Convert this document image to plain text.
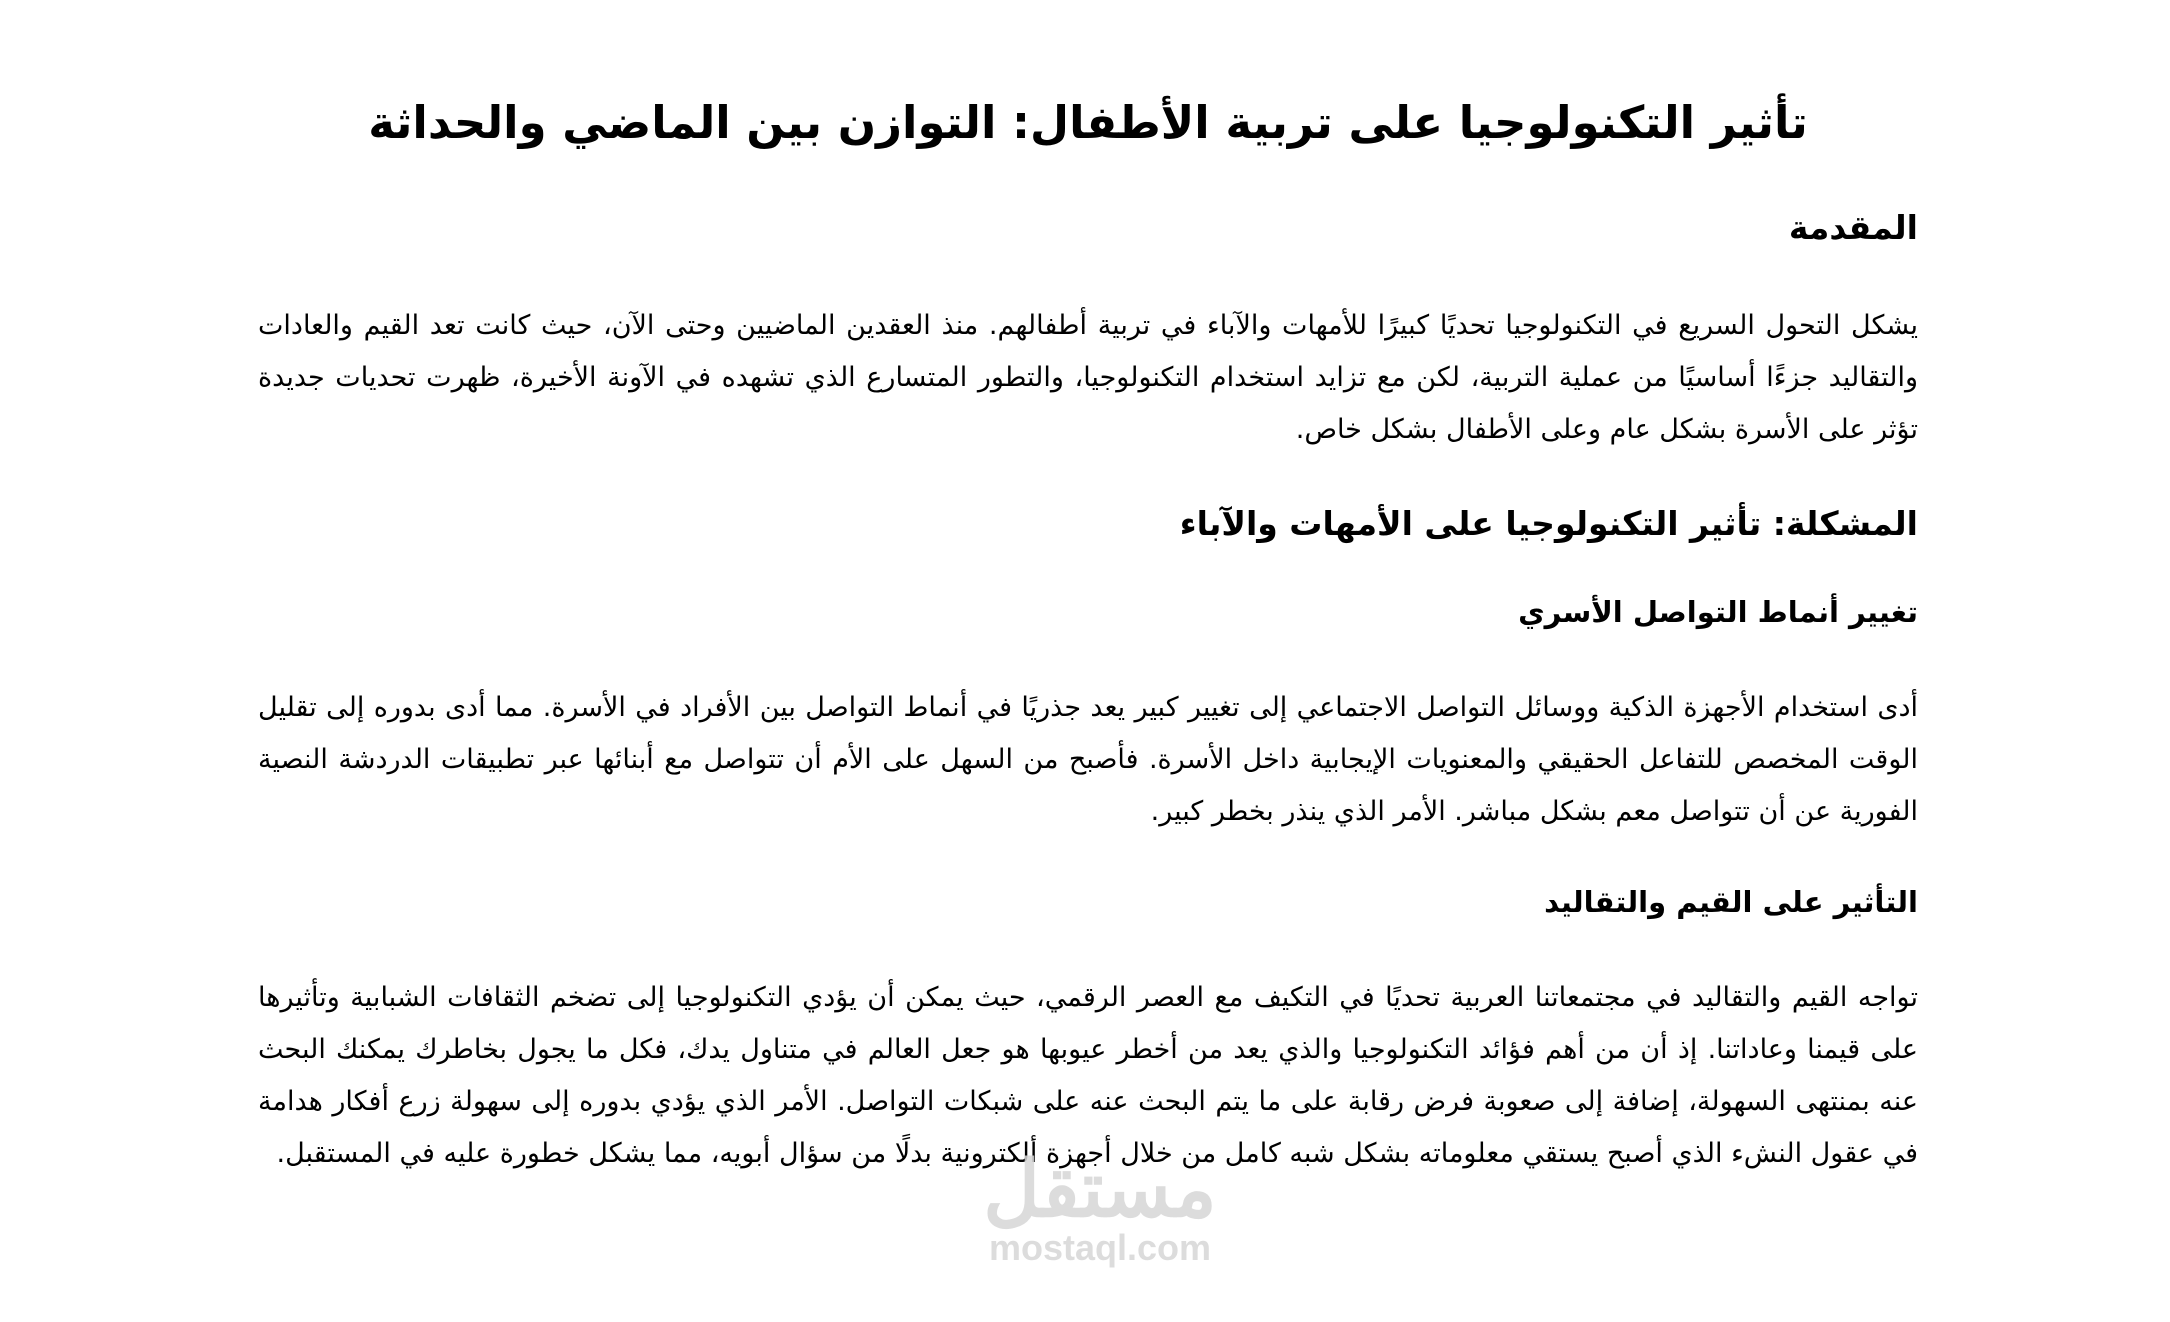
تأثير التكنولوجيا على تربية الأطفال: التوازن بين الماضي والحداثة
المقدمة

يشكل التحول السريع في التكنولوجيا تحديًا كبيرًا للأمهات والآباء في تربية أطفالهم. منذ العقدين الماضيين وحتى الآن، حيث كانت تعد القيم والعادات والتقاليد جزءًا أساسيًا من عملية التربية، لكن مع تزايد استخدام التكنولوجيا، والتطور المتسارع الذي تشهده في الآونة الأخيرة، ظهرت تحديات جديدة تؤثر على الأسرة بشكل عام وعلى الأطفال بشكل خاص.

المشكلة: تأثير التكنولوجيا على الأمهات والآباء
تغيير أنماط التواصل الأسري

أدى استخدام الأجهزة الذكية ووسائل التواصل الاجتماعي إلى تغيير كبير يعد جذريًا في أنماط التواصل بين الأفراد في الأسرة. مما أدى بدوره إلى تقليل الوقت المخصص للتفاعل الحقيقي والمعنويات الإيجابية داخل الأسرة. فأصبح من السهل على الأم أن تتواصل مع أبنائها عبر تطبيقات الدردشة النصية الفورية عن أن تتواصل معم بشكل مباشر. الأمر الذي ينذر بخطر كبير.

التأثير على القيم والتقاليد

تواجه القيم والتقاليد في مجتمعاتنا العربية تحديًا في التكيف مع العصر الرقمي، حيث يمكن أن يؤدي التكنولوجيا إلى تضخم الثقافات الشبابية وتأثيرها على قيمنا وعاداتنا. إذ أن من أهم فؤائد التكنولوجيا والذي يعد من أخطر عيوبها هو جعل العالم في متناول يدك، فكل ما يجول بخاطرك يمكنك البحث عنه بمنتهى السهولة، إضافة إلى صعوبة فرض رقابة على ما يتم البحث عنه على شبكات التواصل. الأمر الذي يؤدي بدوره إلى سهولة زرع أفكار هدامة في عقول النشء الذي أصبح يستقي معلوماته بشكل شبه كامل من خلال أجهزة ألكترونية بدلًا من سؤال أبويه، مما يشكل خطورة عليه في المستقبل.

مستقل
mostaql.com
